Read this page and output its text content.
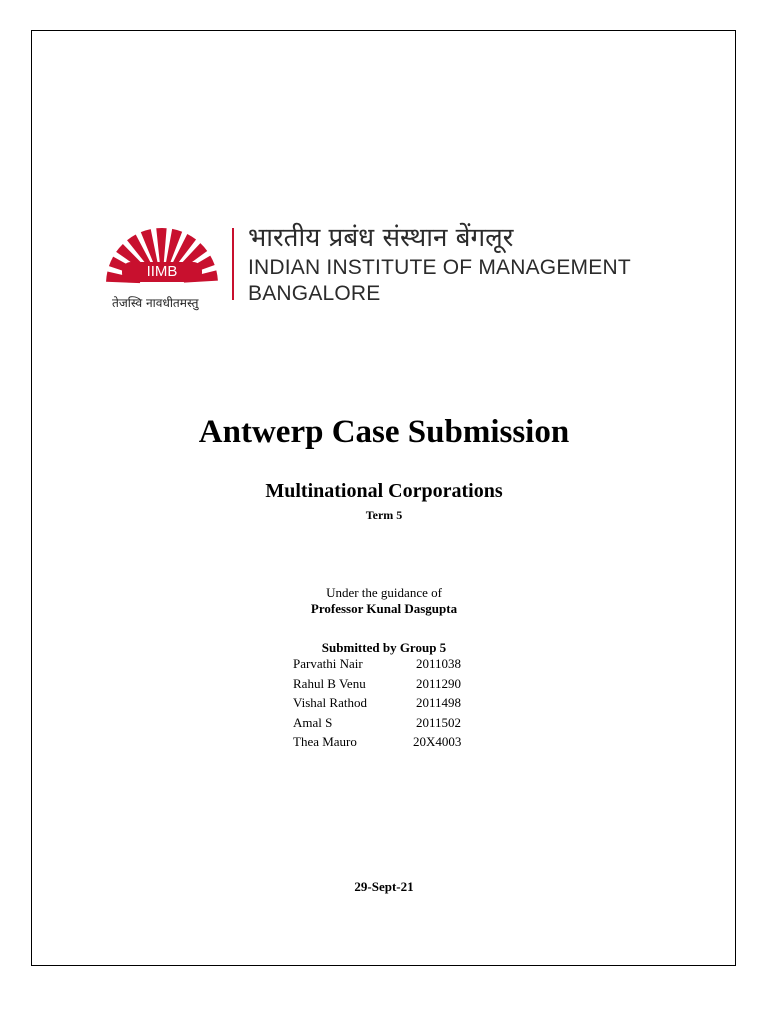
IIMB
तेजस्वि नावधीतमस्तु
भारतीय प्रबंध संस्थान बेंगलूर
INDIAN INSTITUTE OF MANAGEMENT
BANGALORE
Antwerp Case Submission
Multinational Corporations
Term 5
Under the guidance of
Professor Kunal Dasgupta
Submitted by Group 5
Parvathi Nair	2011038
Rahul B Venu	2011290
Vishal Rathod	2011498
Amal S	2011502
Thea Mauro	20X4003
29-Sept-21
